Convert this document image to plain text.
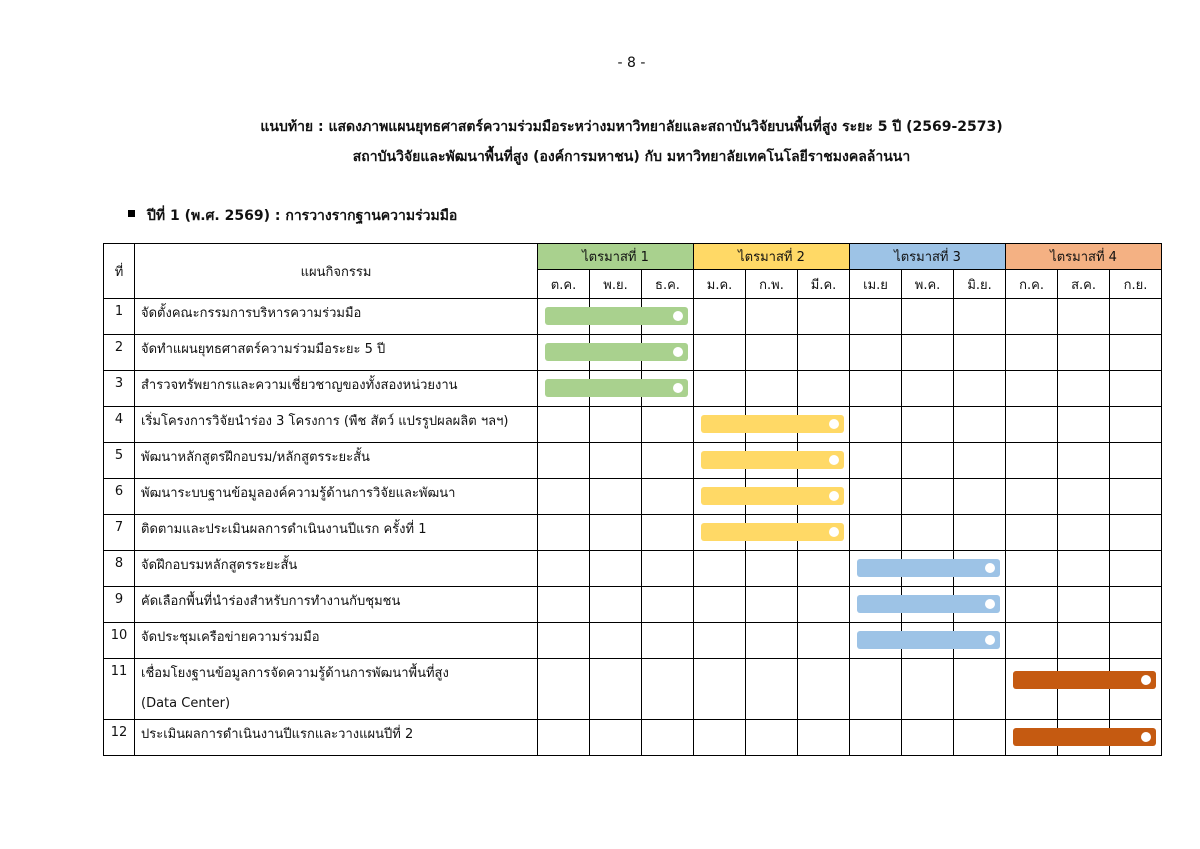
- 8 -
แนบท้าย : แสดงภาพแผนยุทธศาสตร์ความร่วมมือระหว่างมหาวิทยาลัยและสถาบันวิจัยบนพื้นที่สูง ระยะ 5 ปี (2569-2573)
สถาบันวิจัยและพัฒนาพื้นที่สูง (องค์การมหาชน) กับ มหาวิทยาลัยเทคโนโลยีราชมงคลล้านนา
ปีที่ 1 (พ.ศ. 2569) : การวางรากฐานความร่วมมือ
ที่	แผนกิจกรรม	ไตรมาสที่ 1			ไตรมาสที่ 2			ไตรมาสที่ 3			ไตรมาสที่ 4		
		ต.ค.	พ.ย.	ธ.ค.	ม.ค.	ก.พ.	มี.ค.	เม.ย	พ.ค.	มิ.ย.	ก.ค.	ส.ค.	ก.ย.
1	จัดตั้งคณะกรรมการบริหารความร่วมมือ												

2	จัดทำแผนยุทธศาสตร์ความร่วมมือระยะ 5 ปี												

3	สำรวจทรัพยากรและความเชี่ยวชาญของทั้งสองหน่วยงาน												

4	เริ่มโครงการวิจัยนำร่อง 3 โครงการ (พืช สัตว์ แปรรูปผลผลิต ฯลฯ)												

5	พัฒนาหลักสูตรฝึกอบรม/หลักสูตรระยะสั้น												

6	พัฒนาระบบฐานข้อมูลองค์ความรู้ด้านการวิจัยและพัฒนา												

7	ติดตามและประเมินผลการดำเนินงานปีแรก ครั้งที่ 1												

8	จัดฝึกอบรมหลักสูตรระยะสั้น												

9	คัดเลือกพื้นที่นำร่องสำหรับการทำงานกับชุมชน												

10	จัดประชุมเครือข่ายความร่วมมือ												

11	เชื่อมโยงฐานข้อมูลการจัดความรู้ด้านการพัฒนาพื้นที่สูง
(Data Center)												

12	ประเมินผลการดำเนินงานปีแรกและวางแผนปีที่ 2												
